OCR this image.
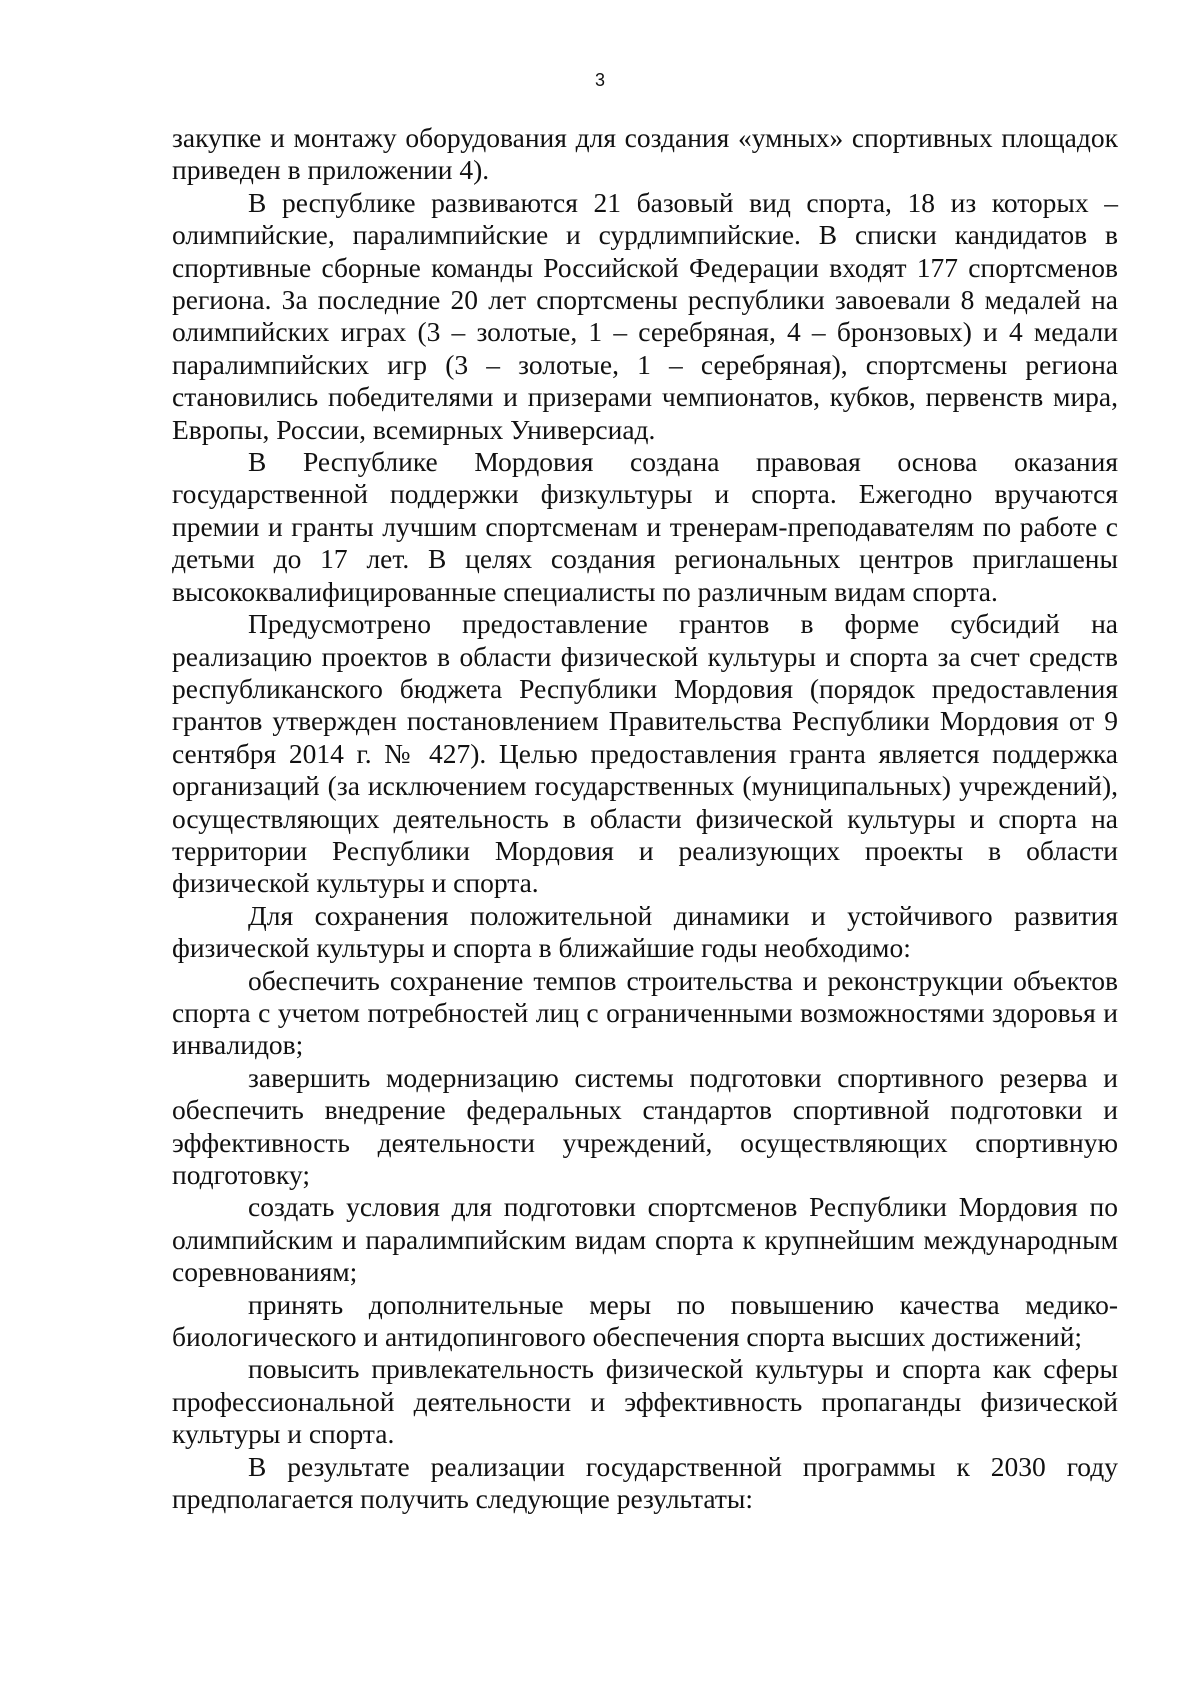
3

закупке и монтажу оборудования для создания «умных» спортивных площадок приведен в приложении 4).

В республике развиваются 21 базовый вид спорта, 18 из которых – олимпийские, паралимпийские и сурдлимпийские. В списки кандидатов в спортивные сборные команды Российской Федерации входят 177 спортсменов региона. За последние 20 лет спортсмены республики завоевали 8 медалей на олимпийских играх (3 – золотые, 1 – серебряная, 4 – бронзовых) и 4 медали паралимпийских игр (3 – золотые, 1 – серебряная), спортсмены региона становились победителями и призерами чемпионатов, кубков, первенств мира, Европы, России, всемирных Универсиад.

В Республике Мордовия создана правовая основа оказания государственной поддержки физкультуры и спорта. Ежегодно вручаются премии и гранты лучшим спортсменам и тренерам-преподавателям по работе с детьми до 17 лет. В целях создания региональных центров приглашены высококвалифицированные специалисты по различным видам спорта.

Предусмотрено предоставление грантов в форме субсидий на реализацию проектов в области физической культуры и спорта за счет средств республиканского бюджета Республики Мордовия (порядок предоставления грантов утвержден постановлением Правительства Республики Мордовия от 9 сентября 2014 г. № 427). Целью предоставления гранта является поддержка организаций (за исключением государственных (муниципальных) учреждений), осуществляющих деятельность в области физической культуры и спорта на территории Республики Мордовия и реализующих проекты в области физической культуры и спорта.

Для сохранения положительной динамики и устойчивого развития физической культуры и спорта в ближайшие годы необходимо:

обеспечить сохранение темпов строительства и реконструкции объектов спорта с учетом потребностей лиц с ограниченными возможностями здоровья и инвалидов;

завершить модернизацию системы подготовки спортивного резерва и обеспечить внедрение федеральных стандартов спортивной подготовки и эффективность деятельности учреждений, осуществляющих спортивную подготовку;

создать условия для подготовки спортсменов Республики Мордовия по олимпийским и паралимпийским видам спорта к крупнейшим международным соревнованиям;

принять дополнительные меры по повышению качества медико-биологического и антидопингового обеспечения спорта высших достижений;

повысить привлекательность физической культуры и спорта как сферы профессиональной деятельности и эффективность пропаганды физической культуры и спорта.

В результате реализации государственной программы к 2030 году предполагается получить следующие результаты:
